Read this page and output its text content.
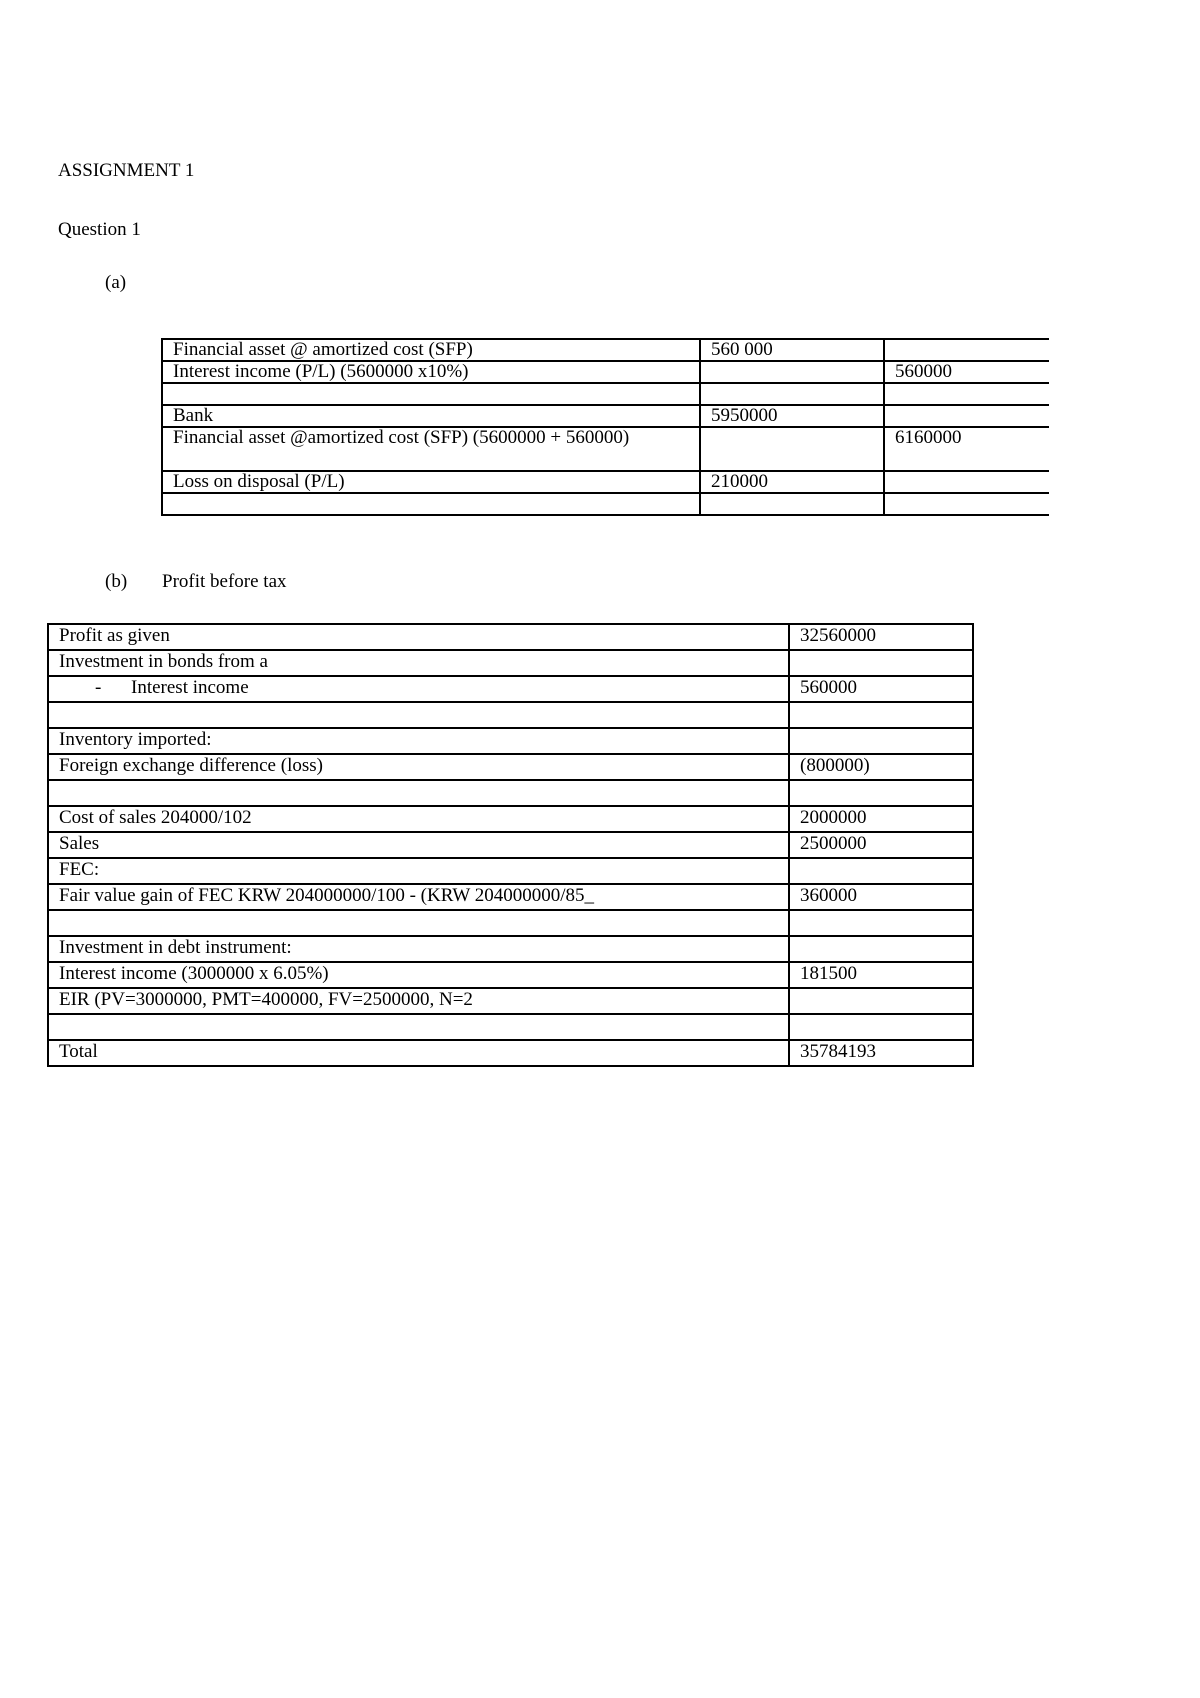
ASSIGNMENT 1
Question 1
(a)
Financial asset @ amortized cost (SFP)	560 000	
Interest income (P/L) (5600000 x10%)		560000

Bank	5950000	
Financial asset @amortized cost (SFP) (5600000 + 560000)		6160000
Loss on disposal (P/L)	210000	

(b) Profit before tax
Profit as given	32560000
Investment in bonds from a	
- Interest income	560000

Inventory imported:	
Foreign exchange difference (loss)	(800000)

Cost of sales 204000/102	2000000
Sales	2500000
FEC:	
Fair value gain of FEC KRW 204000000/100 - (KRW 204000000/85_	360000

Investment in debt instrument:	
Interest income (3000000 x 6.05%)	181500
EIR (PV=3000000, PMT=400000, FV=2500000, N=2	

Total	35784193
